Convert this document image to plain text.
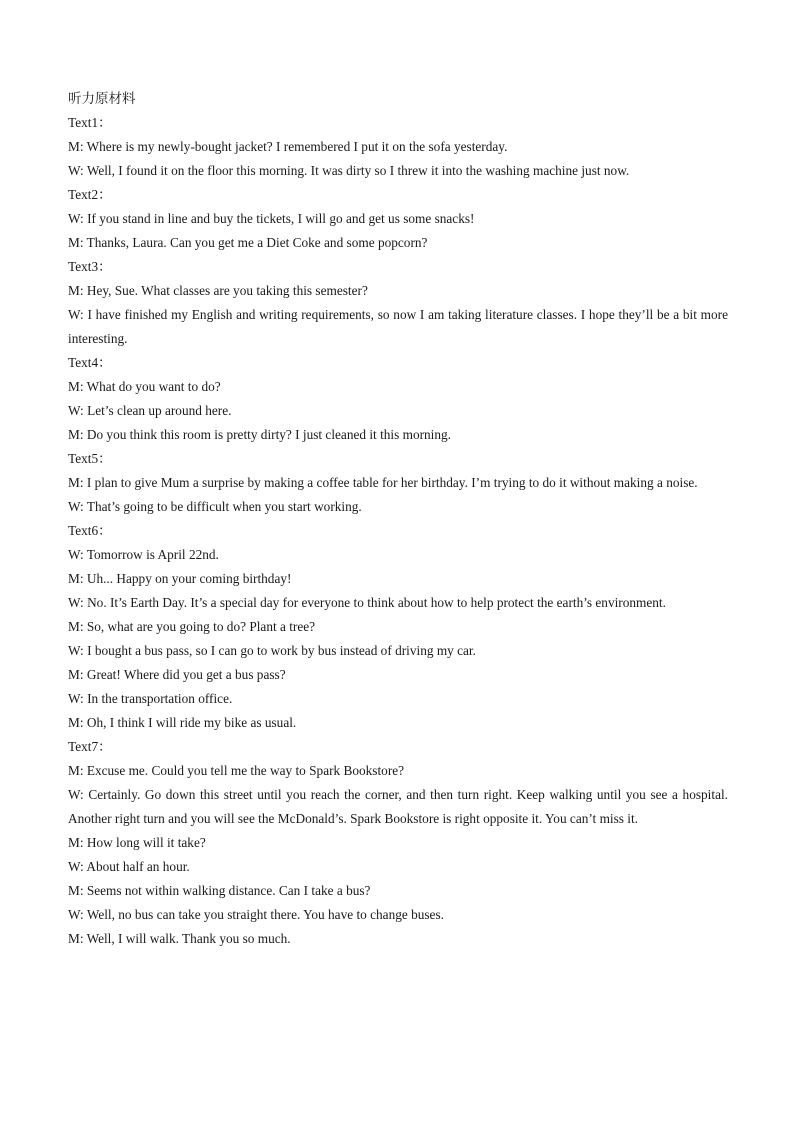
听力原材料
Text1：
M: Where is my newly-bought jacket? I remembered I put it on the sofa yesterday.
W: Well, I found it on the floor this morning. It was dirty so I threw it into the washing machine just now.
Text2：
W: If you stand in line and buy the tickets, I will go and get us some snacks!
M: Thanks, Laura. Can you get me a Diet Coke and some popcorn?
Text3：
M: Hey, Sue. What classes are you taking this semester?
W: I have finished my English and writing requirements, so now I am taking literature classes. I hope they’ll be a bit more interesting.
Text4：
M: What do you want to do?
W: Let’s clean up around here.
M: Do you think this room is pretty dirty? I just cleaned it this morning.
Text5：
M: I plan to give Mum a surprise by making a coffee table for her birthday. I’m trying to do it without making a noise.
W: That’s going to be difficult when you start working.
Text6：
W: Tomorrow is April 22nd.
M: Uh... Happy on your coming birthday!
W: No. It’s Earth Day. It’s a special day for everyone to think about how to help protect the earth’s environment.
M: So, what are you going to do? Plant a tree?
W: I bought a bus pass, so I can go to work by bus instead of driving my car.
M: Great! Where did you get a bus pass?
W: In the transportation office.
M: Oh, I think I will ride my bike as usual.
Text7：
M: Excuse me. Could you tell me the way to Spark Bookstore?
W: Certainly. Go down this street until you reach the corner, and then turn right. Keep walking until you see a hospital. Another right turn and you will see the McDonald’s. Spark Bookstore is right opposite it. You can’t miss it.
M: How long will it take?
W: About half an hour.
M: Seems not within walking distance. Can I take a bus?
W: Well, no bus can take you straight there. You have to change buses.
M: Well, I will walk. Thank you so much.
